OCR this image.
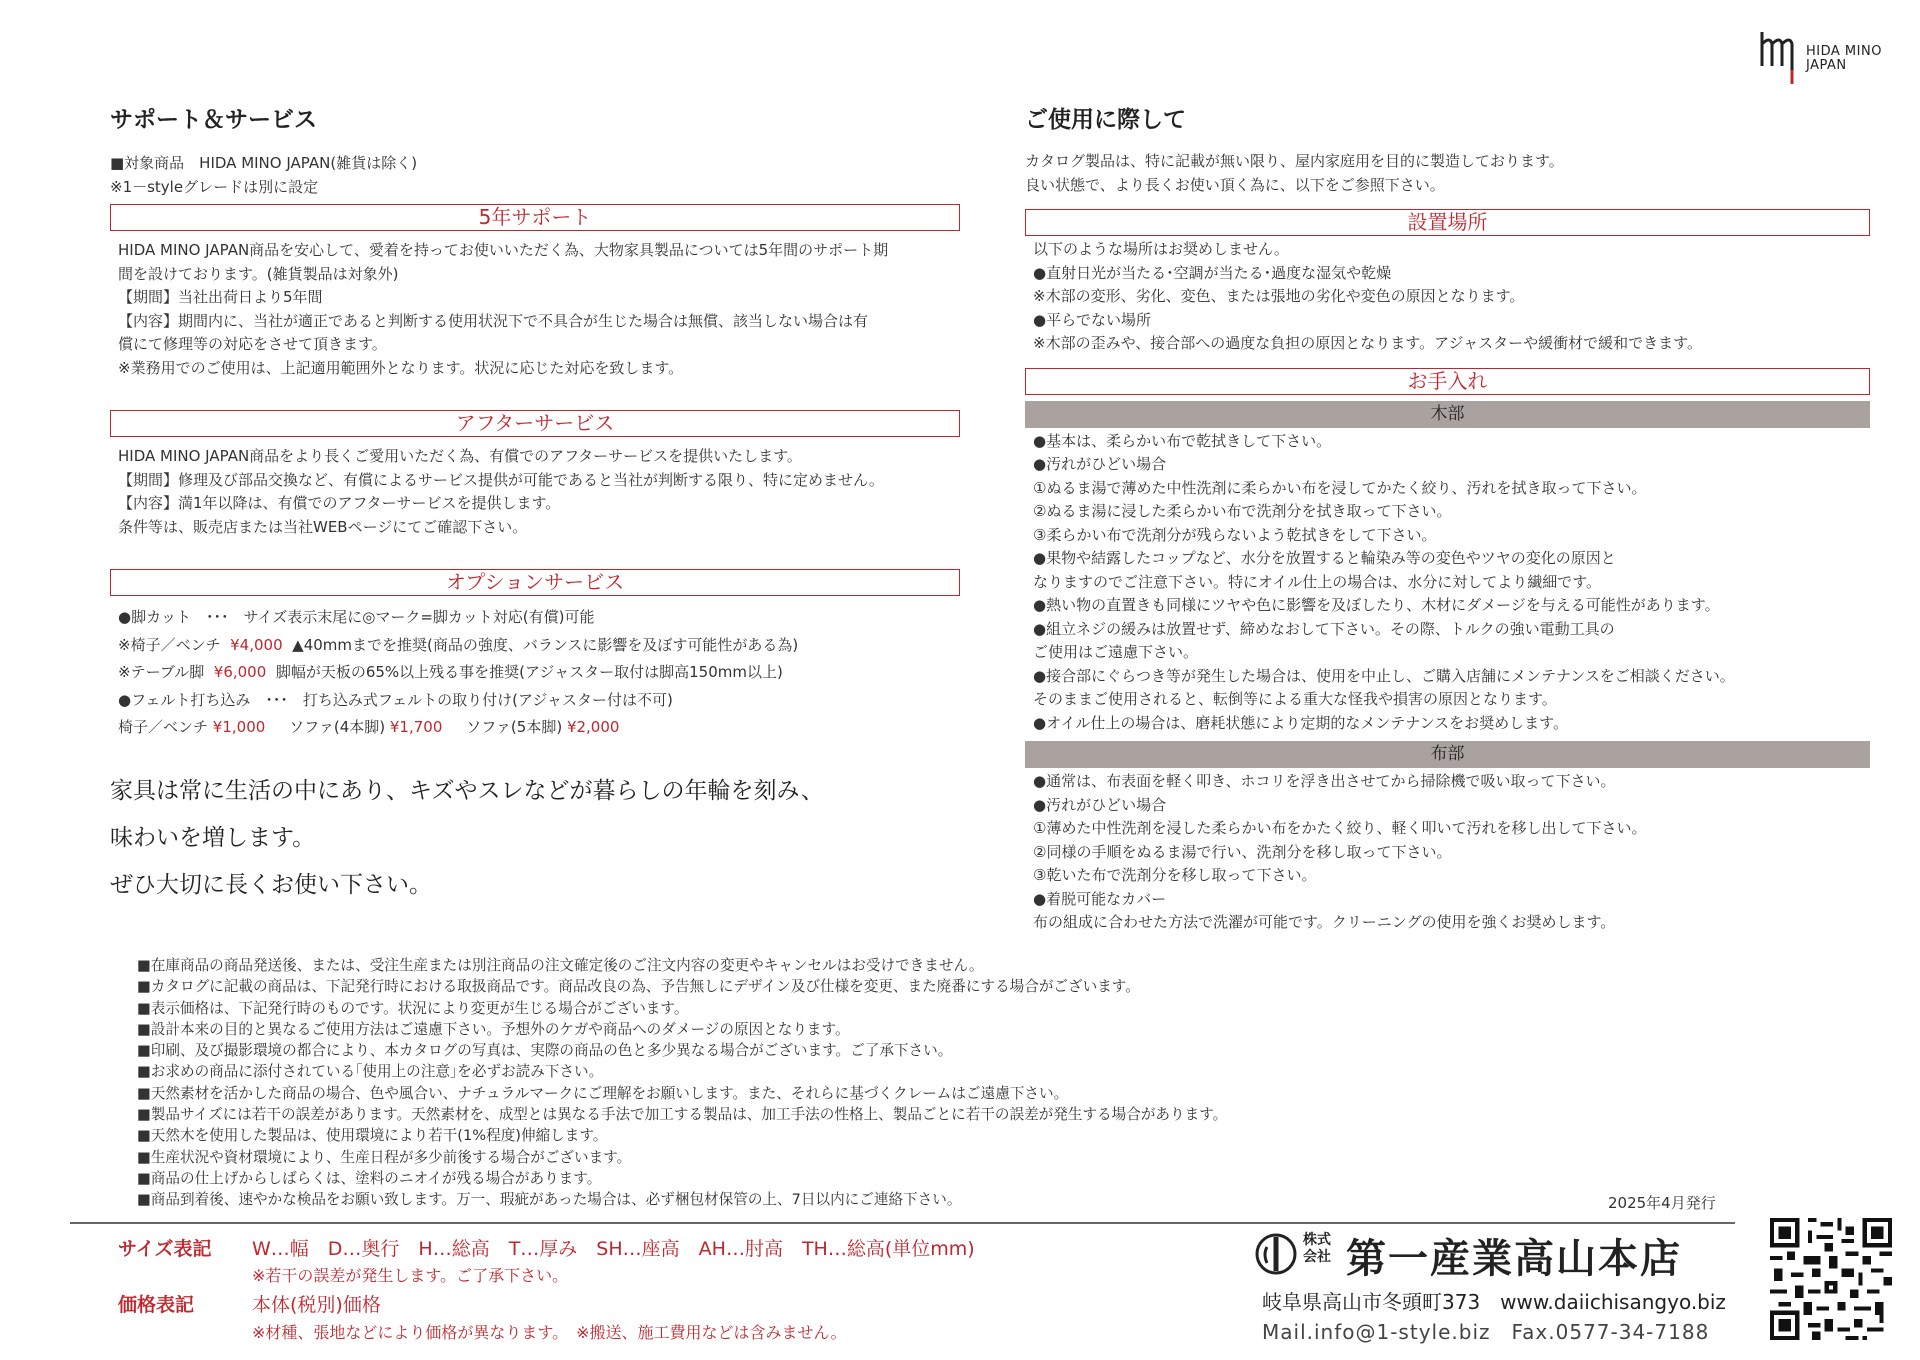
HIDA MINO
JAPAN
サポート＆サービス
■対象商品　HIDA MINO JAPAN(雑貨は除く)
※1－styleグレードは別に設定
5年サポート
HIDA MINO JAPAN商品を安心して、愛着を持ってお使いいただく為、大物家具製品については5年間のサポート期
間を設けております。(雑貨製品は対象外)
【期間】当社出荷日より5年間
【内容】期間内に、当社が適正であると判断する使用状況下で不具合が生じた場合は無償、該当しない場合は有
償にて修理等の対応をさせて頂きます。
※業務用でのご使用は、上記適用範囲外となります。状況に応じた対応を致します。
アフターサービス
HIDA MINO JAPAN商品をより長くご愛用いただく為、有償でのアフターサービスを提供いたします。
【期間】修理及び部品交換など、有償によるサービス提供が可能であると当社が判断する限り、特に定めません。
【内容】満1年以降は、有償でのアフターサービスを提供します。
条件等は、販売店または当社WEBページにてご確認下さい。
オプションサービス
●脚カット　･･･　サイズ表示末尾に◎マーク=脚カット対応(有償)可能
※椅子／ベンチ ¥4,000 ▲40mmまでを推奨(商品の強度、バランスに影響を及ぼす可能性がある為)
※テーブル脚 ¥6,000 脚幅が天板の65%以上残る事を推奨(アジャスター取付は脚高150mm以上)
●フェルト打ち込み　･･･　打ち込み式フェルトの取り付け(アジャスター付は不可)
椅子／ベンチ ¥1,000 ソファ(4本脚) ¥1,700 ソファ(5本脚) ¥2,000
家具は常に生活の中にあり、キズやスレなどが暮らしの年輪を刻み、
味わいを増します。
ぜひ大切に長くお使い下さい。
ご使用に際して
カタログ製品は、特に記載が無い限り、屋内家庭用を目的に製造しております。
良い状態で、より長くお使い頂く為に、以下をご参照下さい。
設置場所
以下のような場所はお奨めしません。
●直射日光が当たる･空調が当たる･過度な湿気や乾燥
※木部の変形、劣化、変色、または張地の劣化や変色の原因となります。
●平らでない場所
※木部の歪みや、接合部への過度な負担の原因となります。アジャスターや緩衝材で緩和できます。
お手入れ
木部
●基本は、柔らかい布で乾拭きして下さい。
●汚れがひどい場合
①ぬるま湯で薄めた中性洗剤に柔らかい布を浸してかたく絞り、汚れを拭き取って下さい。
②ぬるま湯に浸した柔らかい布で洗剤分を拭き取って下さい。
③柔らかい布で洗剤分が残らないよう乾拭きをして下さい。
●果物や結露したコップなど、水分を放置すると輪染み等の変色やツヤの変化の原因と
なりますのでご注意下さい。特にオイル仕上の場合は、水分に対してより繊細です。
●熱い物の直置きも同様にツヤや色に影響を及ぼしたり、木材にダメージを与える可能性があります。
●組立ネジの緩みは放置せず、締めなおして下さい。その際、トルクの強い電動工具の
ご使用はご遠慮下さい。
●接合部にぐらつき等が発生した場合は、使用を中止し、ご購入店舗にメンテナンスをご相談ください。
そのままご使用されると、転倒等による重大な怪我や損害の原因となります。
●オイル仕上の場合は、磨耗状態により定期的なメンテナンスをお奨めします。
布部
●通常は、布表面を軽く叩き、ホコリを浮き出させてから掃除機で吸い取って下さい。
●汚れがひどい場合
①薄めた中性洗剤を浸した柔らかい布をかたく絞り、軽く叩いて汚れを移し出して下さい。
②同様の手順をぬるま湯で行い、洗剤分を移し取って下さい。
③乾いた布で洗剤分を移し取って下さい。
●着脱可能なカバー
布の組成に合わせた方法で洗濯が可能です。クリーニングの使用を強くお奨めします。
■在庫商品の商品発送後、または、受注生産または別注商品の注文確定後のご注文内容の変更やキャンセルはお受けできません。
■カタログに記載の商品は、下記発行時における取扱商品です。商品改良の為、予告無しにデザイン及び仕様を変更、また廃番にする場合がございます。
■表示価格は、下記発行時のものです。状況により変更が生じる場合がございます。
■設計本来の目的と異なるご使用方法はご遠慮下さい。予想外のケガや商品へのダメージの原因となります。
■印刷、及び撮影環境の都合により、本カタログの写真は、実際の商品の色と多少異なる場合がございます。ご了承下さい。
■お求めの商品に添付されている｢使用上の注意｣を必ずお読み下さい。
■天然素材を活かした商品の場合、色や風合い、ナチュラルマークにご理解をお願いします。また、それらに基づくクレームはご遠慮下さい。
■製品サイズには若干の誤差があります。天然素材を、成型とは異なる手法で加工する製品は、加工手法の性格上、製品ごとに若干の誤差が発生する場合があります。
■天然木を使用した製品は、使用環境により若干(1%程度)伸縮します。
■生産状況や資材環境により、生産日程が多少前後する場合がございます。
■商品の仕上げからしばらくは、塗料のニオイが残る場合があります。
■商品到着後、速やかな検品をお願い致します。万一、瑕疵があった場合は、必ず梱包材保管の上、7日以内にご連絡下さい。	2025年4月発行
サイズ表記 W…幅　D…奥行　H…総高　T…厚み　SH…座高　AH…肘高　TH…総高(単位mm)
※若干の誤差が発生します。ご了承下さい。
価格表記	本体(税別)価格
※材種、張地などにより価格が異なります。　※搬送、施工費用などは含みません。
株式
会社 第一産業高山本店
岐阜県高山市冬頭町373　www.daiichisangyo.biz
Mail.info@1-style.biz　Fax.0577-34-7188
